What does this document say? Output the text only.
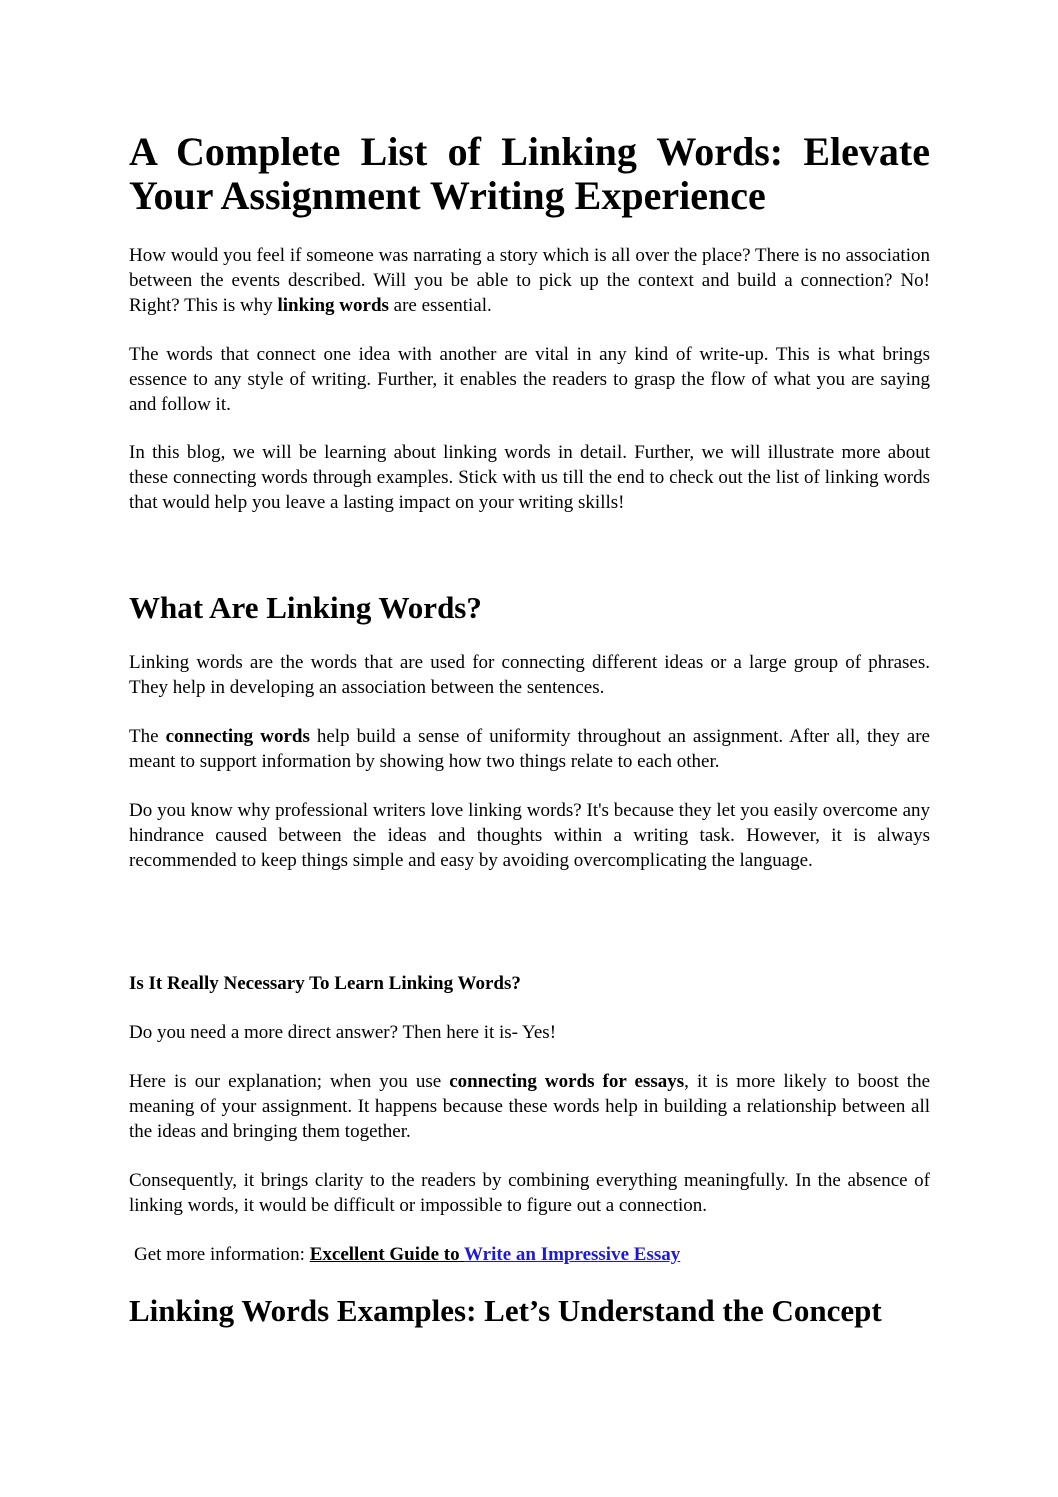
A Complete List of Linking Words: Elevate
Your Assignment Writing Experience

How would you feel if someone was narrating a story which is all over the place? There is no association between the events described. Will you be able to pick up the context and build a connection? No! Right? This is why linking words are essential.

The words that connect one idea with another are vital in any kind of write-up. This is what brings essence to any style of writing. Further, it enables the readers to grasp the flow of what you are saying and follow it.

In this blog, we will be learning about linking words in detail. Further, we will illustrate more about these connecting words through examples. Stick with us till the end to check out the list of linking words that would help you leave a lasting impact on your writing skills!

What Are Linking Words?

Linking words are the words that are used for connecting different ideas or a large group of phrases. They help in developing an association between the sentences.

The connecting words help build a sense of uniformity throughout an assignment. After all, they are meant to support information by showing how two things relate to each other.

Do you know why professional writers love linking words? It's because they let you easily overcome any hindrance caused between the ideas and thoughts within a writing task. However, it is always recommended to keep things simple and easy by avoiding overcomplicating the language.

Is It Really Necessary To Learn Linking Words?

Do you need a more direct answer? Then here it is- Yes!

Here is our explanation; when you use connecting words for essays, it is more likely to boost the meaning of your assignment. It happens because these words help in building a relationship between all the ideas and bringing them together.

Consequently, it brings clarity to the readers by combining everything meaningfully. In the absence of linking words, it would be difficult or impossible to figure out a connection.

Get more information: Excellent Guide to Write an Impressive Essay
Linking Words Examples: Let’s Understand the Concept
